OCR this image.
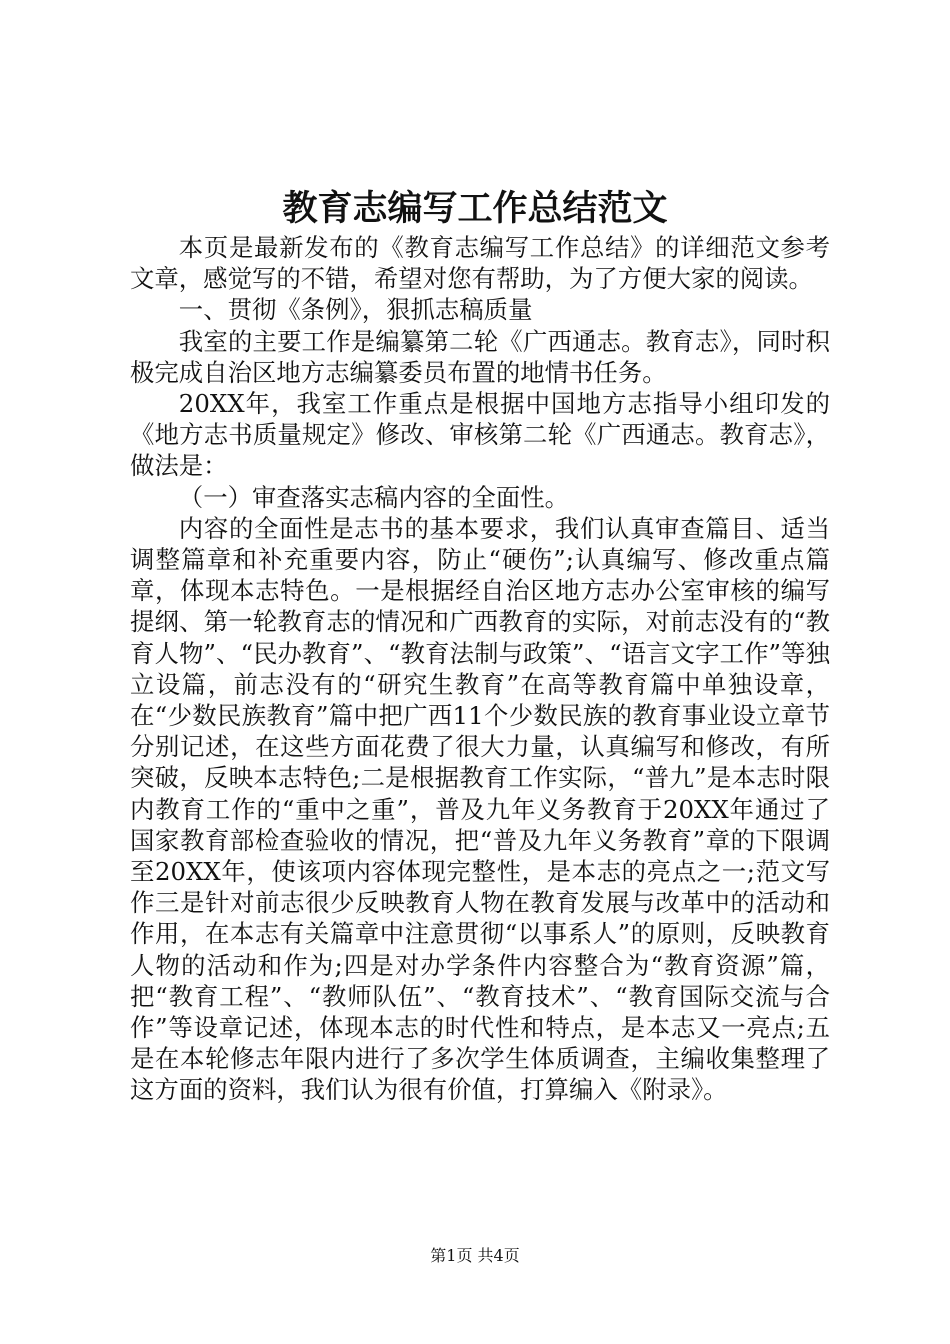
教育志编写工作总结范文

本页是最新发布的《教育志编写工作总结》的详细范文参考文章，感觉写的不错，希望对您有帮助，为了方便大家的阅读。

一、贯彻《条例》，狠抓志稿质量

我室的主要工作是编纂第二轮《广西通志。教育志》，同时积极完成自治区地方志编纂委员布置的地情书任务。

20XX年，我室工作重点是根据中国地方志指导小组印发的《地方志书质量规定》修改、审核第二轮《广西通志。教育志》，做法是：

（一）审查落实志稿内容的全面性。

内容的全面性是志书的基本要求，我们认真审查篇目、适当调整篇章和补充重要内容，防止“硬伤”;认真编写、修改重点篇章，体现本志特色。一是根据经自治区地方志办公室审核的编写提纲、第一轮教育志的情况和广西教育的实际，对前志没有的“教育人物”、“民办教育”、“教育法制与政策”、“语言文字工作”等独立设篇，前志没有的“研究生教育”在高等教育篇中单独设章，在“少数民族教育”篇中把广西11个少数民族的教育事业设立章节分别记述，在这些方面花费了很大力量，认真编写和修改，有所突破，反映本志特色;二是根据教育工作实际，“普九”是本志时限内教育工作的“重中之重”，普及九年义务教育于20XX年通过了国家教育部检查验收的情况，把“普及九年义务教育”章的下限调至20XX年，使该项内容体现完整性，是本志的亮点之一;范文写作三是针对前志很少反映教育人物在教育发展与改革中的活动和作用，在本志有关篇章中注意贯彻“以事系人”的原则，反映教育人物的活动和作为;四是对办学条件内容整合为“教育资源”篇，把“教育工程”、“教师队伍”、“教育技术”、“教育国际交流与合作”等设章记述，体现本志的时代性和特点，是本志又一亮点;五是在本轮修志年限内进行了多次学生体质调查，主编收集整理了这方面的资料，我们认为很有价值，打算编入《附录》。

第1页 共4页
